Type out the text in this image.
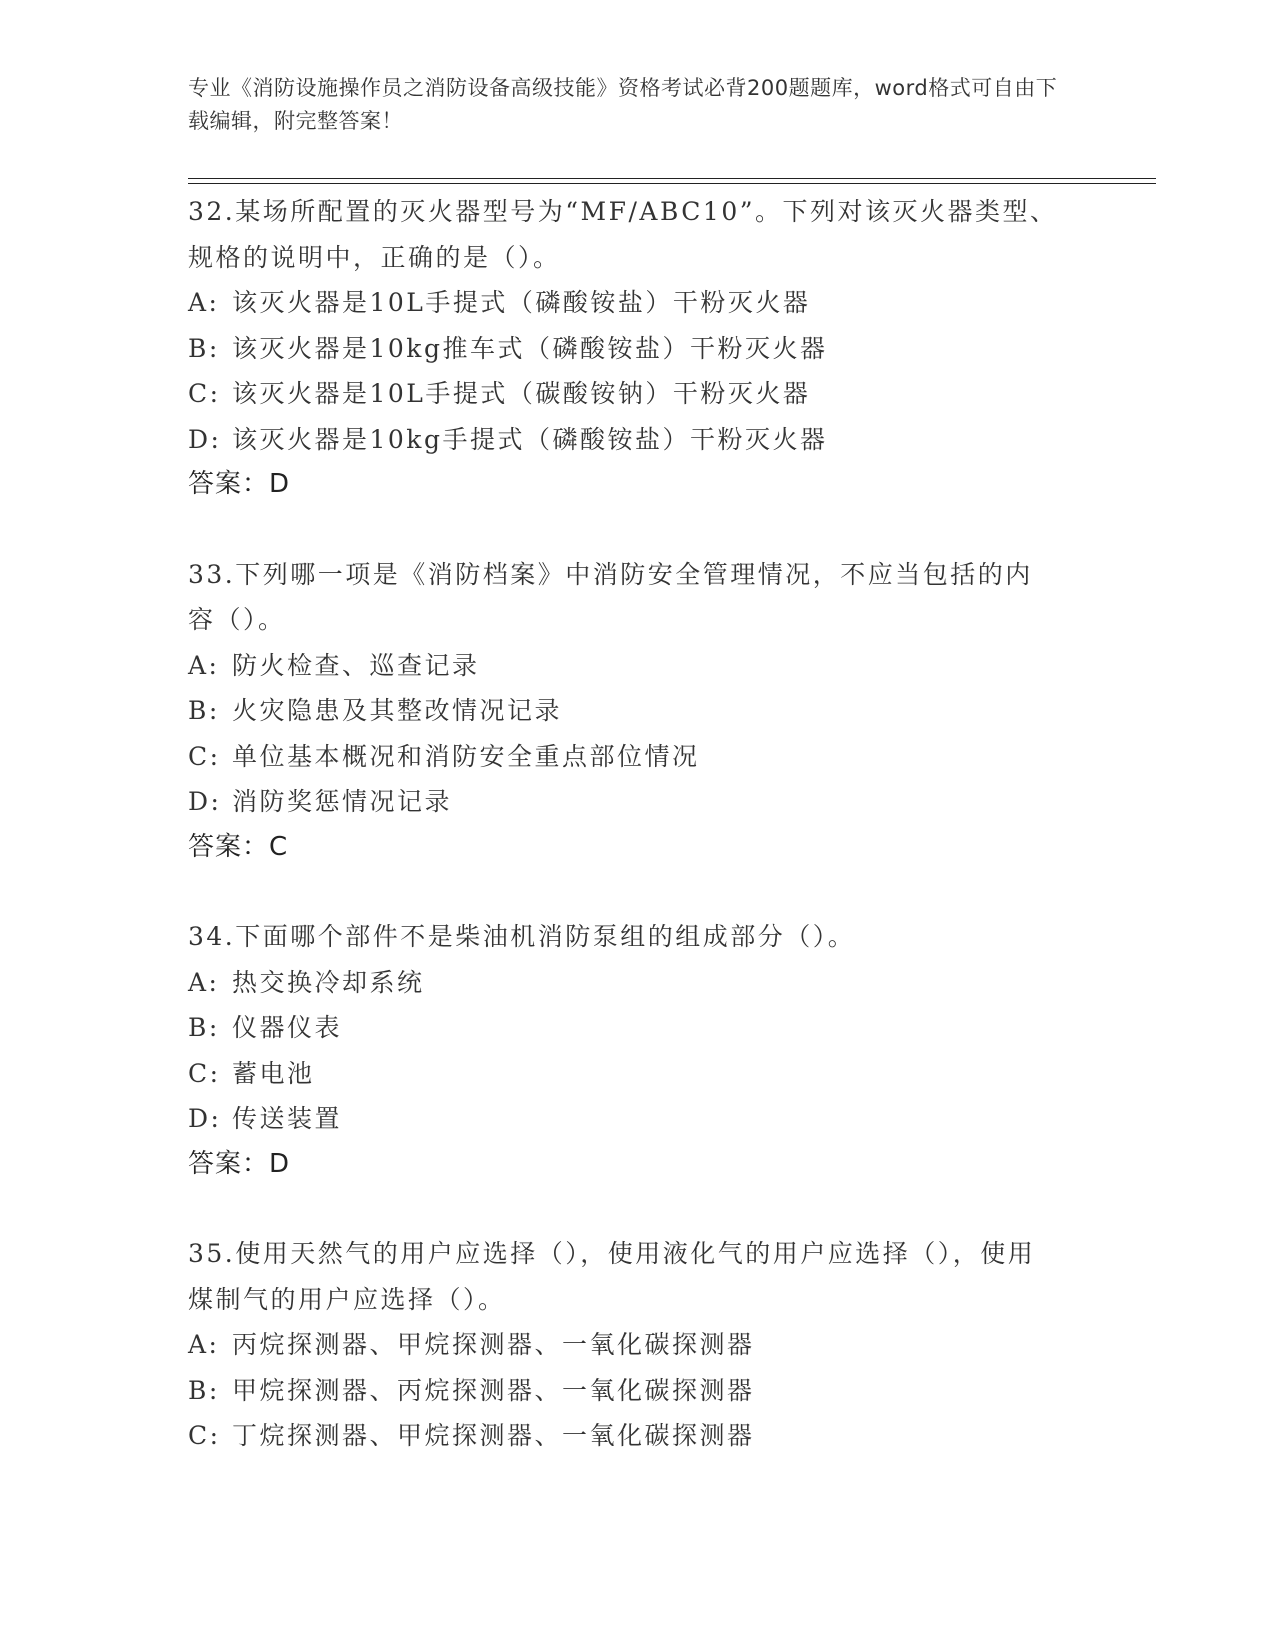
专业《消防设施操作员之消防设备高级技能》资格考试必背200题题库，word格式可自由下载编辑，附完整答案！
32.某场所配置的灭火器型号为“MF/ABC10”。下列对该灭火器类型、规格的说明中，正确的是（）。
A: 该灭火器是10L手提式（磷酸铵盐）干粉灭火器
B: 该灭火器是10kg推车式（磷酸铵盐）干粉灭火器
C: 该灭火器是10L手提式（碳酸铵钠）干粉灭火器
D: 该灭火器是10kg手提式（磷酸铵盐）干粉灭火器
答案：D
33.下列哪一项是《消防档案》中消防安全管理情况，不应当包括的内容（）。
A: 防火检查、巡查记录
B: 火灾隐患及其整改情况记录
C: 单位基本概况和消防安全重点部位情况
D: 消防奖惩情况记录
答案：C
34.下面哪个部件不是柴油机消防泵组的组成部分（）。
A: 热交换冷却系统
B: 仪器仪表
C: 蓄电池
D: 传送装置
答案：D
35.使用天然气的用户应选择（），使用液化气的用户应选择（），使用煤制气的用户应选择（）。
A: 丙烷探测器、甲烷探测器、一氧化碳探测器
B: 甲烷探测器、丙烷探测器、一氧化碳探测器
C: 丁烷探测器、甲烷探测器、一氧化碳探测器
